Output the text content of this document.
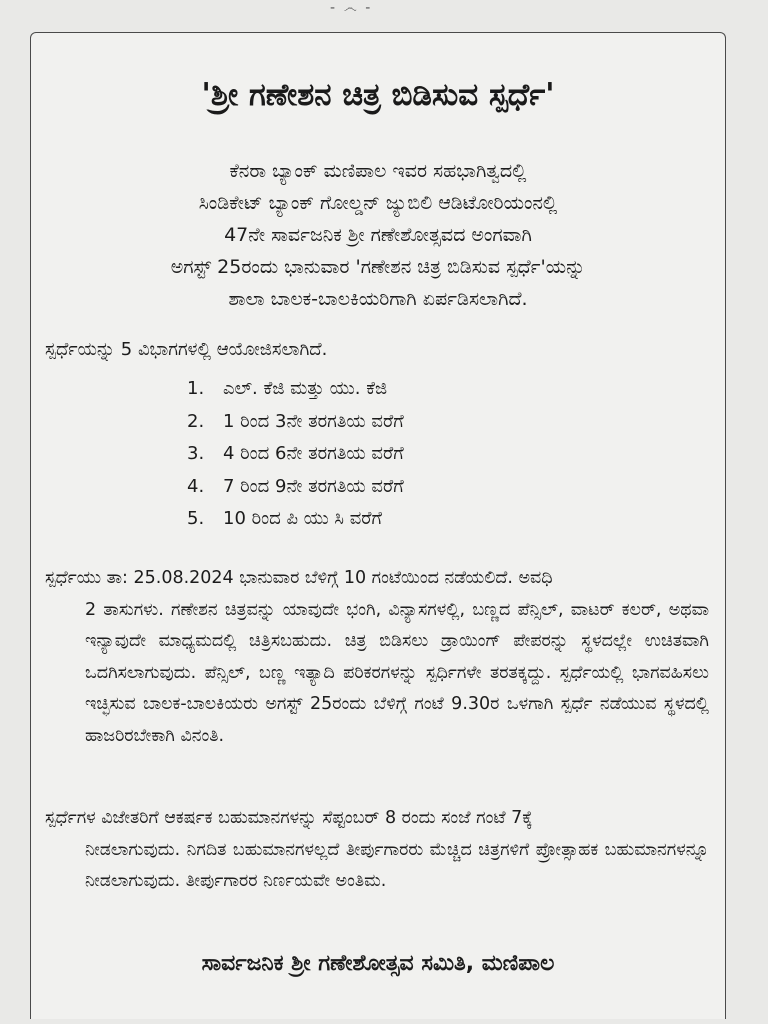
- ෴ -
'ಶ್ರೀ ಗಣೇಶನ ಚಿತ್ರ ಬಿಡಿಸುವ ಸ್ಪರ್ಧೆ'
ಕೆನರಾ ಬ್ಯಾಂಕ್ ಮಣಿಪಾಲ ಇವರ ಸಹಭಾಗಿತ್ವದಲ್ಲಿ
ಸಿಂಡಿಕೇಟ್ ಬ್ಯಾಂಕ್ ಗೋಲ್ಡನ್ ಜ್ಯುಬಿಲಿ ಆಡಿಟೋರಿಯಂನಲ್ಲಿ
47ನೇ ಸಾರ್ವಜನಿಕ ಶ್ರೀ ಗಣೇಶೋತ್ಸವದ ಅಂಗವಾಗಿ
ಅಗಸ್ಟ್ 25ರಂದು ಭಾನುವಾರ 'ಗಣೇಶನ ಚಿತ್ರ ಬಿಡಿಸುವ ಸ್ಪರ್ಧೆ'ಯನ್ನು
ಶಾಲಾ ಬಾಲಕ-ಬಾಲಕಿಯರಿಗಾಗಿ ಏರ್ಪಡಿಸಲಾಗಿದೆ.
ಸ್ಪರ್ಧೆಯನ್ನು 5 ವಿಭಾಗಗಳಲ್ಲಿ ಆಯೋಜಿಸಲಾಗಿದೆ.
1. ಎಲ್. ಕೆಜಿ ಮತ್ತು ಯು. ಕೆಜಿ
2. 1 ರಿಂದ 3ನೇ ತರಗತಿಯ ವರೆಗೆ
3. 4 ರಿಂದ 6ನೇ ತರಗತಿಯ ವರೆಗೆ
4. 7 ರಿಂದ 9ನೇ ತರಗತಿಯ ವರೆಗೆ
5. 10 ರಿಂದ ಪಿ ಯು ಸಿ ವರೆಗೆ

ಸ್ಪರ್ಧೆಯು ತಾ: 25.08.2024 ಭಾನುವಾರ ಬೆಳಿಗ್ಗೆ 10 ಗಂಟೆಯಿಂದ ನಡೆಯಲಿದೆ. ಅವಧಿ

2 ತಾಸುಗಳು. ಗಣೇಶನ ಚಿತ್ರವನ್ನು ಯಾವುದೇ ಭಂಗಿ, ವಿನ್ಯಾಸಗಳಲ್ಲಿ, ಬಣ್ಣದ ಪೆನ್ಸಿಲ್, ವಾಟರ್ ಕಲರ್, ಅಥವಾ ಇನ್ಯಾವುದೇ ಮಾಧ್ಯಮದಲ್ಲಿ ಚಿತ್ರಿಸಬಹುದು. ಚಿತ್ರ ಬಿಡಿಸಲು ಡ್ರಾಯಿಂಗ್ ಪೇಪರನ್ನು ಸ್ಥಳದಲ್ಲೇ ಉಚಿತವಾಗಿ ಒದಗಿಸಲಾಗುವುದು. ಪೆನ್ಸಿಲ್, ಬಣ್ಣ ಇತ್ಯಾದಿ ಪರಿಕರಗಳನ್ನು ಸ್ಪರ್ಧಿಗಳೇ ತರತಕ್ಕದ್ದು. ಸ್ಪರ್ಧೆಯಲ್ಲಿ ಭಾಗವಹಿಸಲು ಇಚ್ಛಿಸುವ ಬಾಲಕ-ಬಾಲಕಿಯರು ಅಗಸ್ಟ್ 25ರಂದು ಬೆಳಿಗ್ಗೆ ಗಂಟೆ 9.30ರ ಒಳಗಾಗಿ ಸ್ಪರ್ಧೆ ನಡೆಯುವ ಸ್ಥಳದಲ್ಲಿ ಹಾಜರಿರಬೇಕಾಗಿ ವಿನಂತಿ.

ಸ್ಪರ್ಧೆಗಳ ವಿಜೇತರಿಗೆ ಆಕರ್ಷಕ ಬಹುಮಾನಗಳನ್ನು ಸೆಪ್ಟಂಬರ್ 8 ರಂದು ಸಂಜೆ ಗಂಟೆ 7ಕ್ಕೆ

ನೀಡಲಾಗುವುದು. ನಿಗದಿತ ಬಹುಮಾನಗಳಲ್ಲದೆ ತೀರ್ಪುಗಾರರು ಮೆಚ್ಚಿದ ಚಿತ್ರಗಳಿಗೆ ಪ್ರೋತ್ಸಾಹಕ ಬಹುಮಾನಗಳನ್ನೂ ನೀಡಲಾಗುವುದು. ತೀರ್ಪುಗಾರರ ನಿರ್ಣಯವೇ ಅಂತಿಮ.

ಸಾರ್ವಜನಿಕ ಶ್ರೀ ಗಣೇಶೋತ್ಸವ ಸಮಿತಿ, ಮಣಿಪಾಲ
